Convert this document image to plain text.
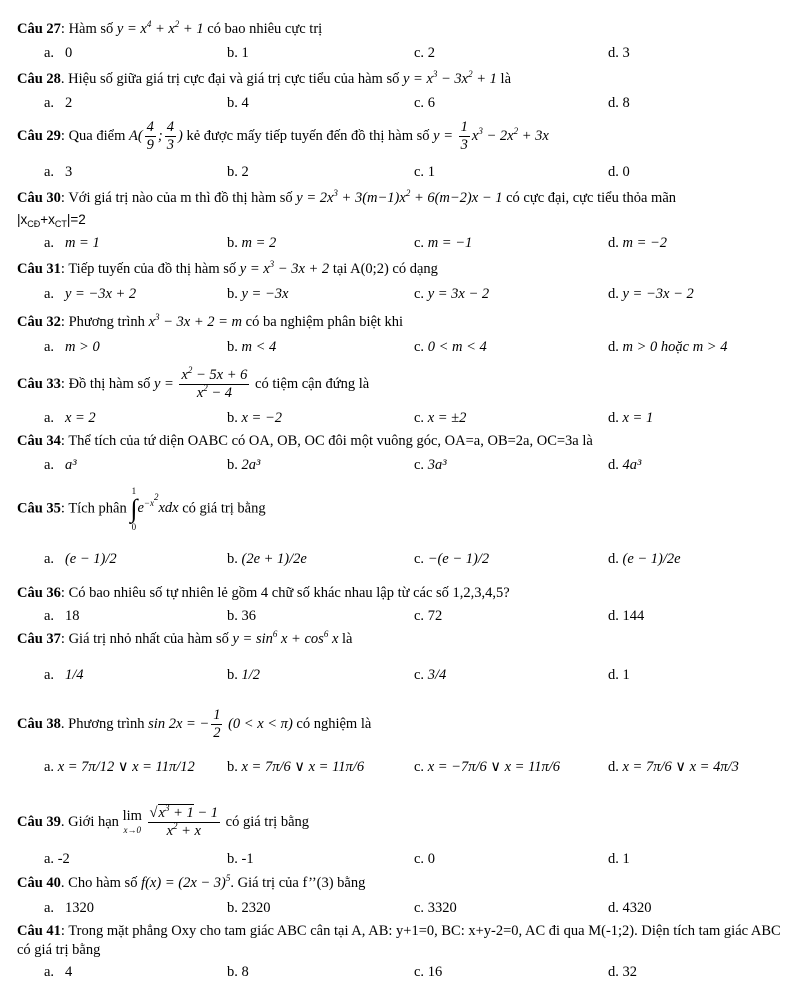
Câu 27: Hàm số $y = x^4 + x^2 + 1$ có bao nhiêu cực trị
a. 0	b. 1	c. 2	d. 3
Câu 28. Hiệu số giữa giá trị cực đại và giá trị cực tiểu của hàm số $y = x^3 - 3x^2 + 1$ là
a. 2	b. 4	c. 6	d. 8
Câu 29: Qua điểm $A( \frac{4}{9}$ ; $\frac{4}{3}$ ) kẻ được mấy tiếp tuyến đến đồ thị hàm số $y = \frac{1}{3} x^3 - 2x^2 + 3x$
a. 3	b. 2	c. 1	d. 0
Câu 30: Với giá trị nào của m thì đồ thị hàm số $y = 2x^3 + 3(m-1)x^2 + 6(m-2)x - 1$ có cực đại, cực tiểu thỏa mãn
$|x_{CĐ}+x_{CT}|=2$
a. m = 1	b. m = 2	c. m = −1	d. m = −2
Câu 31: Tiếp tuyến của đồ thị hàm số $y = x^3 - 3x + 2$ tại A(0;2) có dạng
a. y = −3x + 2	b. y = −3x	c. y = 3x − 2	d. y = −3x − 2
Câu 32: Phương trình $x^3 - 3x + 2 = m$ có ba nghiệm phân biệt khi
a. m > 0	b. m < 4	c. 0 < m < 4	d. m > 0 hoặc m > 4
Câu 33: Đồ thị hàm số $y = \frac{x^2 - 5x + 6}{x^2 - 4}$ có tiệm cận đứng là
a. x = 2	b. x = −2	c. x = ±2	d. x = 1
Câu 34: Thể tích của tứ diện OABC có OA, OB, OC đôi một vuông góc, OA=a, OB=2a, OC=3a là
a. a³	b. 2a³	c. 3a³	d. 4a³
Câu 35: Tích phân
1
∫
0
$e^{-x^2}xdx$ có giá trị bằng
a. (e − 1)/2	b. (2e + 1)/2e	c. −(e − 1)/2	d. (e − 1)/2e
Câu 36: Có bao nhiêu số tự nhiên lẻ gồm 4 chữ số khác nhau lập từ các số 1,2,3,4,5?
a. 18	b. 36	c. 72	d. 144
Câu 37: Giá trị nhỏ nhất của hàm số $y = \sin^6 x + \cos^6 x$ là
a. 1/4	b. 1/2	c. 3/4	d. 1
Câu 38. Phương trình sin 2x = − $\frac{1}{2} (0 < x < \pi)$ có nghiệm là
a. x = 7π/12 ∨ x = 11π/12 b. x = 7π/6 ∨ x = 11π/6	c. x = −7π/6 ∨ x = 11π/6	d. x = 7π/6 ∨ x = 4π/3
Câu 39. Giới hạn lim
x→0
$\frac{√x^3 + 1 - 1}{x^2 + x}$ có giá trị bằng
a. -2	b. -1	c. 0	d. 1
Câu 40. Cho hàm số $f(x) = (2x - 3)^5$. Giá trị của f’’(3) bằng
a. 1320	b. 2320	c. 3320	d. 4320
Câu 41: Trong mặt phẳng Oxy cho tam giác ABC cân tại A, AB: y+1=0, BC: x+y-2=0, AC đi qua M(-1;2). Diện tích tam giác ABC có giá trị bằng
a. 4	b. 8	c. 16	d. 32
